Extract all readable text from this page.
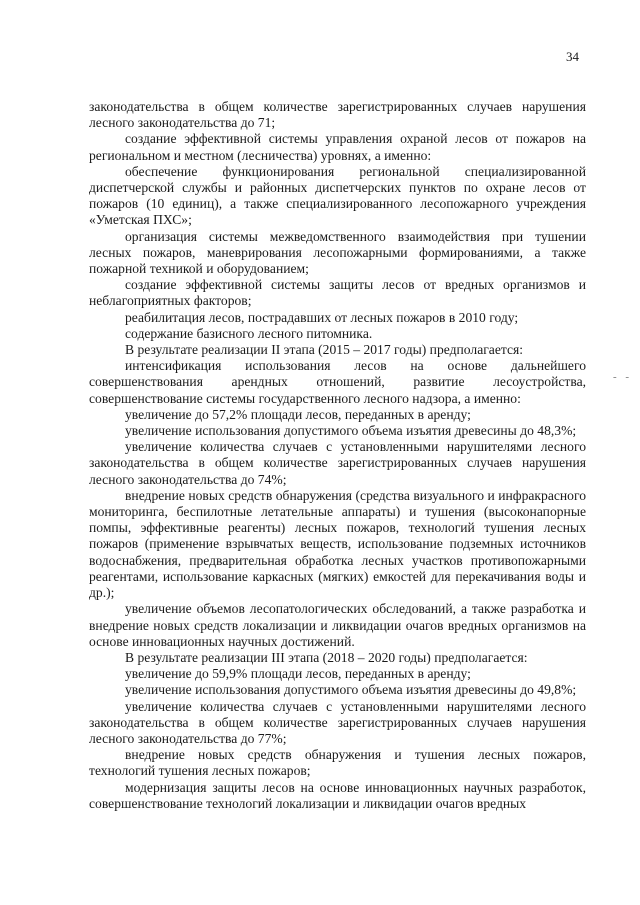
34
- -

законодательства в общем количестве зарегистрированных случаев нарушения лесного законодательства до 71;

создание эффективной системы управления охраной лесов от пожаров на региональном и местном (лесничества) уровнях, а именно:

обеспечение функционирования региональной специализированной диспетчерской службы и районных диспетчерских пунктов по охране лесов от пожаров (10 единиц), а также специализированного лесопожарного учреждения «Уметская ПХС»;

организация системы межведомственного взаимодействия при тушении лесных пожаров, маневрирования лесопожарными формированиями, а также пожарной техникой и оборудованием;

создание эффективной системы защиты лесов от вредных организмов и неблагоприятных факторов;

реабилитация лесов, пострадавших от лесных пожаров в 2010 году;

содержание базисного лесного питомника.

В результате реализации II этапа (2015 – 2017 годы) предполагается:

интенсификация использования лесов на основе дальнейшего совершенствования арендных отношений, развитие лесоустройства, совершенствование системы государственного лесного надзора, а именно:

увеличение до 57,2% площади лесов, переданных в аренду;

увеличение использования допустимого объема изъятия древесины до 48,3%;

увеличение количества случаев с установленными нарушителями лесного законодательства в общем количестве зарегистрированных случаев нарушения лесного законодательства до 74%;

внедрение новых средств обнаружения (средства визуального и инфракрасного мониторинга, беспилотные летательные аппараты) и тушения (высоконапорные помпы, эффективные реагенты) лесных пожаров, технологий тушения лесных пожаров (применение взрывчатых веществ, использование подземных источников водоснабжения, предварительная обработка лесных участков противопожарными реагентами, использование каркасных (мягких) емкостей для перекачивания воды и др.);

увеличение объемов лесопатологических обследований, а также разработка и внедрение новых средств локализации и ликвидации очагов вредных организмов на основе инновационных научных достижений.

В результате реализации III этапа (2018 – 2020 годы) предполагается:

увеличение до 59,9% площади лесов, переданных в аренду;

увеличение использования допустимого объема изъятия древесины до 49,8%;

увеличение количества случаев с установленными нарушителями лесного законодательства в общем количестве зарегистрированных случаев нарушения лесного законодательства до 77%;

внедрение новых средств обнаружения и тушения лесных пожаров, технологий тушения лесных пожаров;

модернизация защиты лесов на основе инновационных научных разработок, совершенствование технологий локализации и ликвидации очагов вредных
